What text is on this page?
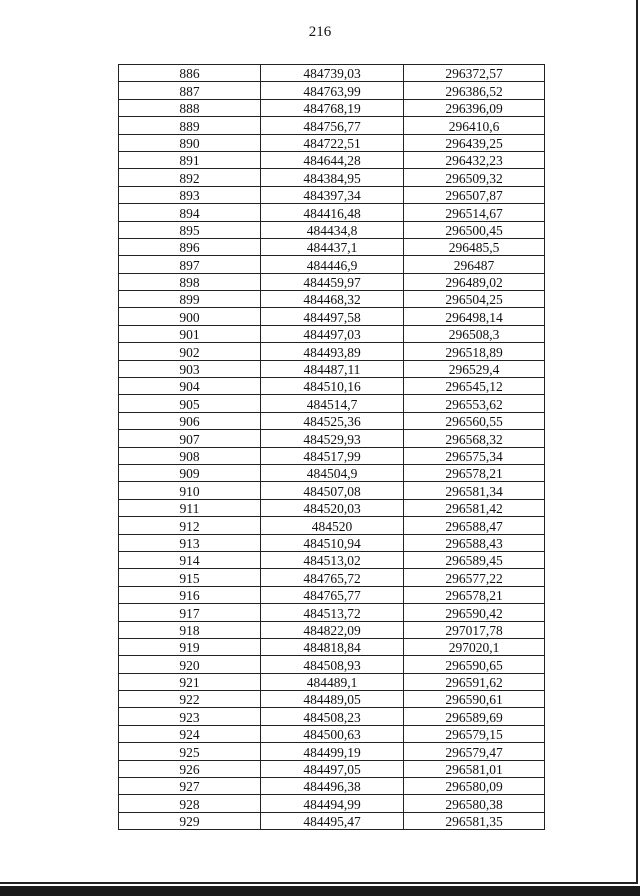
216
886	484739,03	296372,57
887	484763,99	296386,52
888	484768,19	296396,09
889	484756,77	296410,6
890	484722,51	296439,25
891	484644,28	296432,23
892	484384,95	296509,32
893	484397,34	296507,87
894	484416,48	296514,67
895	484434,8	296500,45
896	484437,1	296485,5
897	484446,9	296487
898	484459,97	296489,02
899	484468,32	296504,25
900	484497,58	296498,14
901	484497,03	296508,3
902	484493,89	296518,89
903	484487,11	296529,4
904	484510,16	296545,12
905	484514,7	296553,62
906	484525,36	296560,55
907	484529,93	296568,32
908	484517,99	296575,34
909	484504,9	296578,21
910	484507,08	296581,34
911	484520,03	296581,42
912	484520	296588,47
913	484510,94	296588,43
914	484513,02	296589,45
915	484765,72	296577,22
916	484765,77	296578,21
917	484513,72	296590,42
918	484822,09	297017,78
919	484818,84	297020,1
920	484508,93	296590,65
921	484489,1	296591,62
922	484489,05	296590,61
923	484508,23	296589,69
924	484500,63	296579,15
925	484499,19	296579,47
926	484497,05	296581,01
927	484496,38	296580,09
928	484494,99	296580,38
929	484495,47	296581,35
